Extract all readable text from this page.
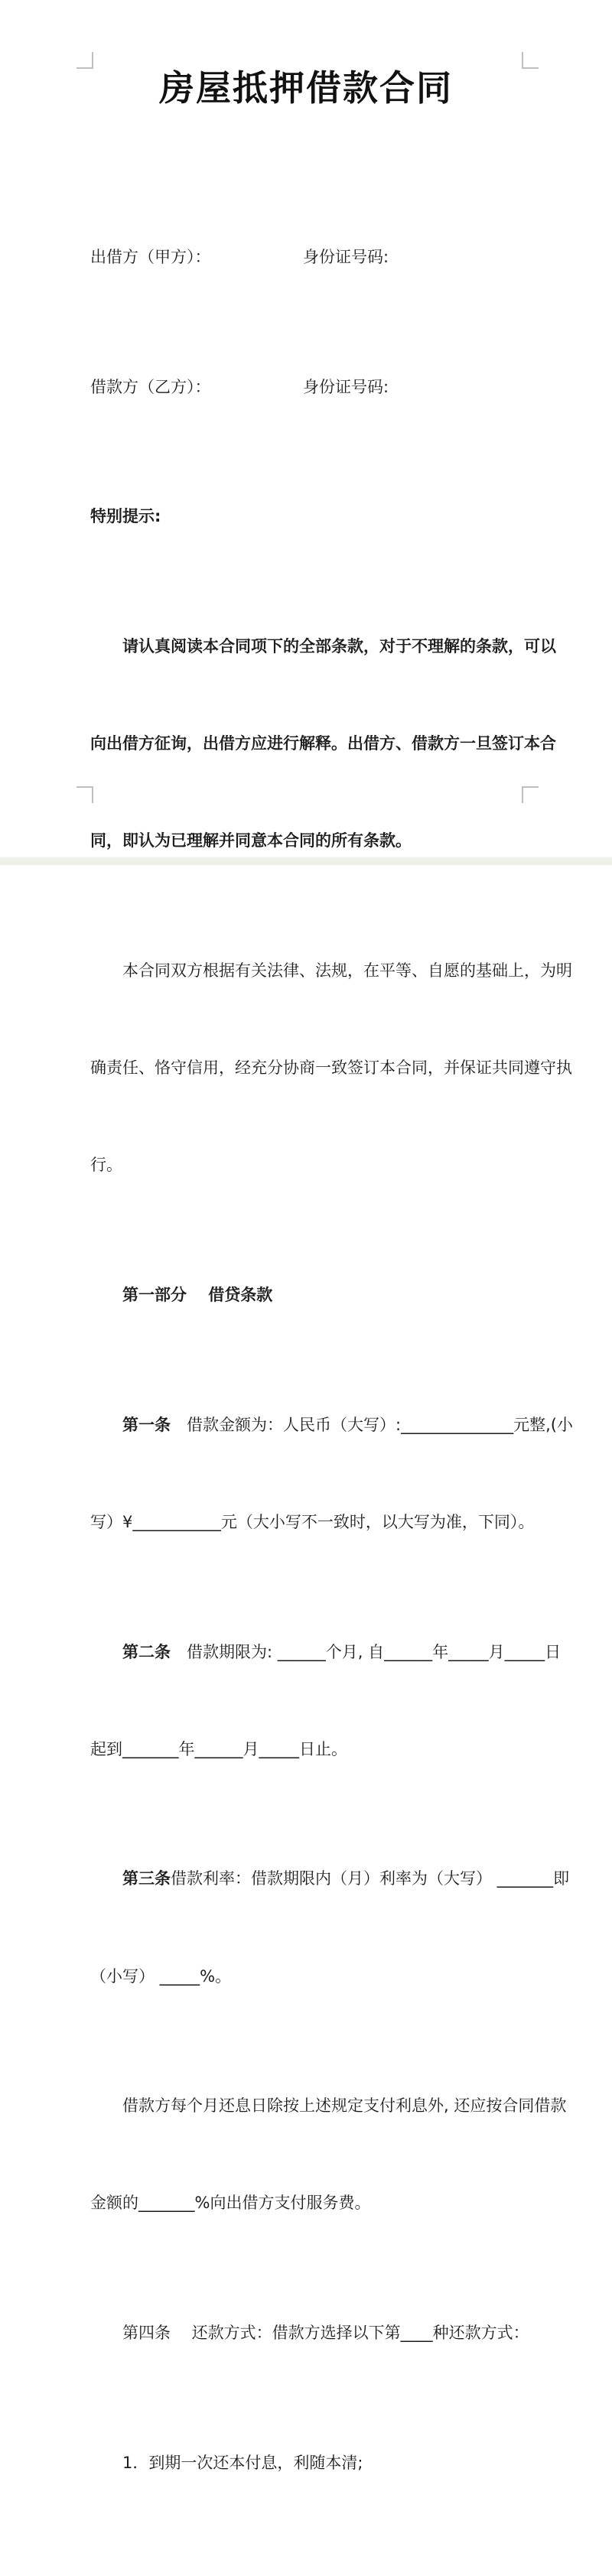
房屋抵押借款合同

出借方（甲方）：	身份证号码:

借款方（乙方）：	身份证号码:

特别提示:

请认真阅读本合同项下的全部条款，对于不理解的条款，可以

向出借方征询，出借方应进行解释。出借方、借款方一旦签订本合

同，即认为已理解并同意本合同的所有条款。

本合同双方根据有关法律、法规，在平等、自愿的基础上，为明

确责任、恪守信用，经充分协商一致签订本合同，并保证共同遵守执

行。

第一部分　 借贷条款

第一条　借款金额为：人民币（大写）:______________元整,(小

写）¥___________元（大小写不一致时，以大写为准，下同）。

第二条　借款期限为: ______个月, 自______年_____月_____日

起到_______年______月_____日止。

第三条借款利率：借款期限内（月）利率为（大写） _______即

（小写） _____%。

借款方每个月还息日除按上述规定支付利息外, 还应按合同借款

金额的_______%向出借方支付服务费。

第四条　 还款方式：借款方选择以下第____种还款方式：

1．到期一次还本付息，利随本清;
